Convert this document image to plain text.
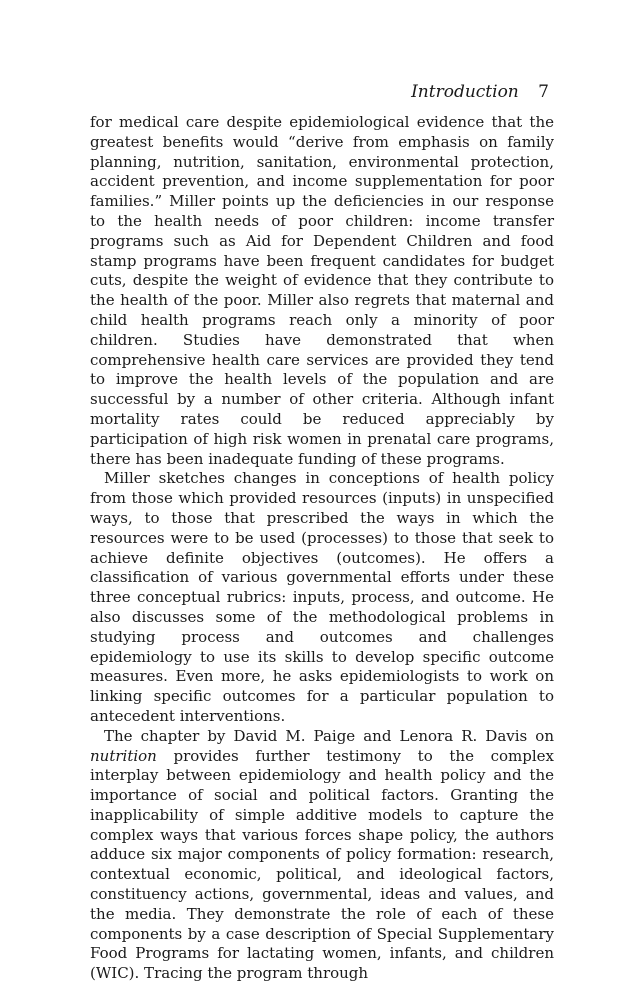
Introduction 7

for medical care despite epidemiological evidence that the greatest benefits would “derive from emphasis on family planning, nutrition, sanitation, environmental protection, accident prevention, and income supplementation for poor families.” Miller points up the deficiencies in our response to the health needs of poor children: income transfer programs such as Aid for Dependent Children and food stamp programs have been frequent candidates for budget cuts, despite the weight of evidence that they contribute to the health of the poor. Miller also regrets that maternal and child health programs reach only a minority of poor children. Studies have demonstrated that when comprehensive health care services are provided they tend to improve the health levels of the population and are successful by a number of other criteria. Although infant mortality rates could be reduced appreciably by participation of high risk women in prenatal care programs, there has been inadequate funding of these programs.

Miller sketches changes in conceptions of health policy from those which provided resources (inputs) in unspecified ways, to those that prescribed the ways in which the resources were to be used (processes) to those that seek to achieve definite objectives (outcomes). He offers a classification of various governmental efforts under these three conceptual rubrics: inputs, process, and outcome. He also discusses some of the methodological problems in studying process and outcomes and challenges epidemiology to use its skills to develop specific outcome measures. Even more, he asks epidemiologists to work on linking specific outcomes for a particular population to antecedent interventions.

The chapter by David M. Paige and Lenora R. Davis on nutrition provides further testimony to the complex interplay between epidemiology and health policy and the importance of social and political factors. Granting the inapplicability of simple additive models to capture the complex ways that various forces shape policy, the authors adduce six major components of policy formation: research, contextual economic, political, and ideological factors, constituency actions, governmental, ideas and values, and the media. They demonstrate the role of each of these components by a case description of Special Supplementary Food Programs for lactating women, infants, and children (WIC). Tracing the program through
